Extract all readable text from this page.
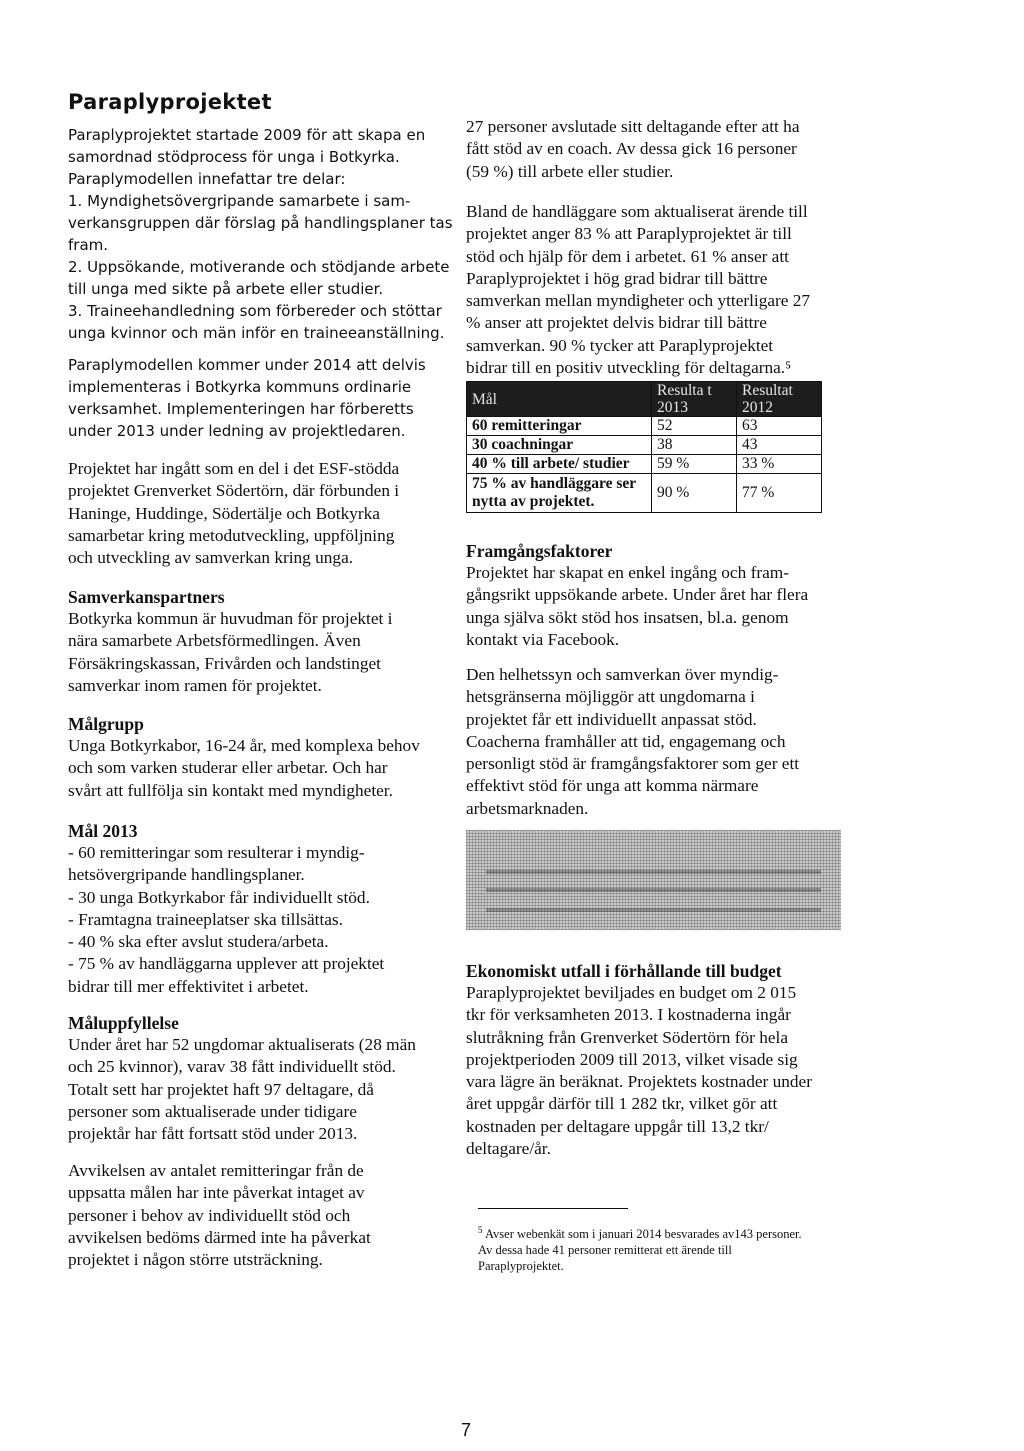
Paraplyprojektet
Paraplyprojektet startade 2009 för att skapa en
samordnad stödprocess för unga i Botkyrka.
Paraplymodellen innefattar tre delar:
1. Myndighetsövergripande samarbete i sam-
verkansgruppen där förslag på handlingsplaner tas
fram.
2. Uppsökande, motiverande och stödjande arbete
till unga med sikte på arbete eller studier.
3. Traineehandledning som förbereder och stöttar
unga kvinnor och män inför en traineeanställning.
Paraplymodellen kommer under 2014 att delvis
implementeras i Botkyrka kommuns ordinarie
verksamhet. Implementeringen har förberetts
under 2013 under ledning av projektledaren.
Projektet har ingått som en del i det ESF-stödda
projektet Grenverket Södertörn, där förbunden i
Haninge, Huddinge, Södertälje och Botkyrka
samarbetar kring metodutveckling, uppföljning
och utveckling av samverkan kring unga.

Samverkanspartners

Botkyrka kommun är huvudman för projektet i
nära samarbete Arbetsförmedlingen. Även
Försäkringskassan, Frivården och landstinget
samverkar inom ramen för projektet.

Målgrupp

Unga Botkyrkabor, 16-24 år, med komplexa behov
och som varken studerar eller arbetar. Och har
svårt att fullfölja sin kontakt med myndigheter.

Mål 2013

- 60 remitteringar som resulterar i myndig-
hetsövergripande handlingsplaner.
- 30 unga Botkyrkabor får individuellt stöd.
- Framtagna traineeplatser ska tillsättas.
- 40 % ska efter avslut studera/arbeta.
- 75 % av handläggarna upplever att projektet
bidrar till mer effektivitet i arbetet.

Måluppfyllelse

Under året har 52 ungdomar aktualiserats (28 män
och 25 kvinnor), varav 38 fått individuellt stöd.
Totalt sett har projektet haft 97 deltagare, då
personer som aktualiserade under tidigare
projektår har fått fortsatt stöd under 2013.
Avvikelsen av antalet remitteringar från de
uppsatta målen har inte påverkat intaget av
personer i behov av individuellt stöd och
avvikelsen bedöms därmed inte ha påverkat
projektet i någon större utsträckning.
27 personer avslutade sitt deltagande efter att ha
fått stöd av en coach. Av dessa gick 16 personer
(59 %) till arbete eller studier.
Bland de handläggare som aktualiserat ärende till
projektet anger 83 % att Paraplyprojektet är till
stöd och hjälp för dem i arbetet. 61 % anser att
Paraplyprojektet i hög grad bidrar till bättre
samverkan mellan myndigheter och ytterligare 27
% anser att projektet delvis bidrar till bättre
samverkan. 90 % tycker att Paraplyprojektet
bidrar till en positiv utveckling för deltagarna.⁵
Mål	Resulta t 2013	Resultat 2012
60 remitteringar	52	63
30 coachningar	38	43
40 % till arbete/ studier	59 %	33 %
75 % av handläggare ser nytta av projektet.	90 %	77 %

Framgångsfaktorer

Projektet har skapat en enkel ingång och fram-
gångsrikt uppsökande arbete. Under året har flera
unga själva sökt stöd hos insatsen, bl.a. genom
kontakt via Facebook.
Den helhetssyn och samverkan över myndig-
hetsgränserna möjliggör att ungdomarna i
projektet får ett individuellt anpassat stöd.
Coacherna framhåller att tid, engagemang och
personligt stöd är framgångsfaktorer som ger ett
effektivt stöd för unga att komma närmare
arbetsmarknaden.

Ekonomiskt utfall i förhållande till budget

Paraplyprojektet beviljades en budget om 2 015
tkr för verksamheten 2013. I kostnaderna ingår
slutråkning från Grenverket Södertörn för hela
projektperioden 2009 till 2013, vilket visade sig
vara lägre än beräknat. Projektets kostnader under
året uppgår därför till 1 282 tkr, vilket gör att
kostnaden per deltagare uppgår till 13,2 tkr/
deltagare/år.
$^5$ Avser webenkät som i januari 2014 besvarades av143 personer.
Av dessa hade 41 personer remitterat ett ärende till
Paraplyprojektet.
7
